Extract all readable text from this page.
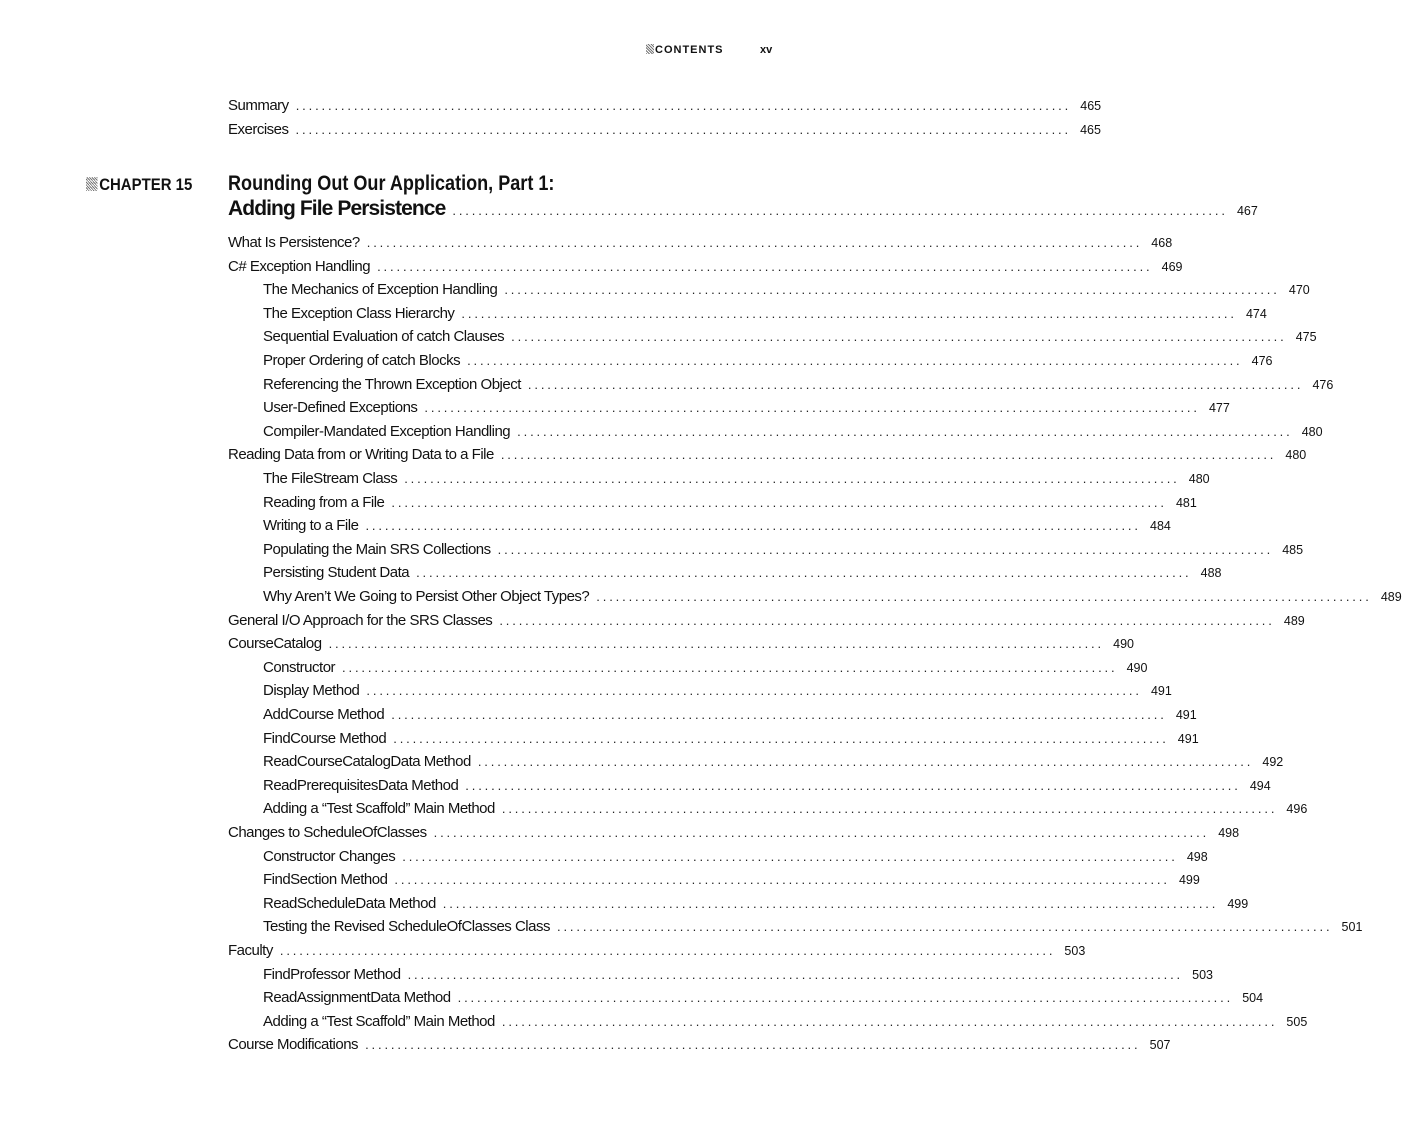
CONTENTS	xv
Summary ........................................................................................................................ 465
Exercises ........................................................................................................................ 465
CHAPTER 15 Rounding Out Our Application, Part 1:
Adding File Persistence ........................................................................................................................ 467
What Is Persistence? ........................................................................................................................ 468
C# Exception Handling ........................................................................................................................ 469
The Mechanics of Exception Handling ........................................................................................................................ 470
The Exception Class Hierarchy ........................................................................................................................ 474
Sequential Evaluation of catch Clauses ........................................................................................................................ 475
Proper Ordering of catch Blocks ........................................................................................................................ 476
Referencing the Thrown Exception Object ........................................................................................................................ 476
User-Defined Exceptions ........................................................................................................................ 477
Compiler-Mandated Exception Handling ........................................................................................................................ 480
Reading Data from or Writing Data to a File ........................................................................................................................ 480
The FileStream Class ........................................................................................................................ 480
Reading from a File ........................................................................................................................ 481
Writing to a File ........................................................................................................................ 484
Populating the Main SRS Collections ........................................................................................................................ 485
Persisting Student Data ........................................................................................................................ 488
Why Aren’t We Going to Persist Other Object Types? ........................................................................................................................ 489
General I/O Approach for the SRS Classes ........................................................................................................................ 489
CourseCatalog ........................................................................................................................ 490
Constructor ........................................................................................................................ 490
Display Method ........................................................................................................................ 491
AddCourse Method ........................................................................................................................ 491
FindCourse Method ........................................................................................................................ 491
ReadCourseCatalogData Method ........................................................................................................................ 492
ReadPrerequisitesData Method ........................................................................................................................ 494
Adding a “Test Scaffold” Main Method ........................................................................................................................ 496
Changes to ScheduleOfClasses ........................................................................................................................ 498
Constructor Changes ........................................................................................................................ 498
FindSection Method ........................................................................................................................ 499
ReadScheduleData Method ........................................................................................................................ 499
Testing the Revised ScheduleOfClasses Class ........................................................................................................................ 501
Faculty ........................................................................................................................ 503
FindProfessor Method ........................................................................................................................ 503
ReadAssignmentData Method ........................................................................................................................ 504
Adding a “Test Scaffold” Main Method ........................................................................................................................ 505
Course Modifications ........................................................................................................................ 507
